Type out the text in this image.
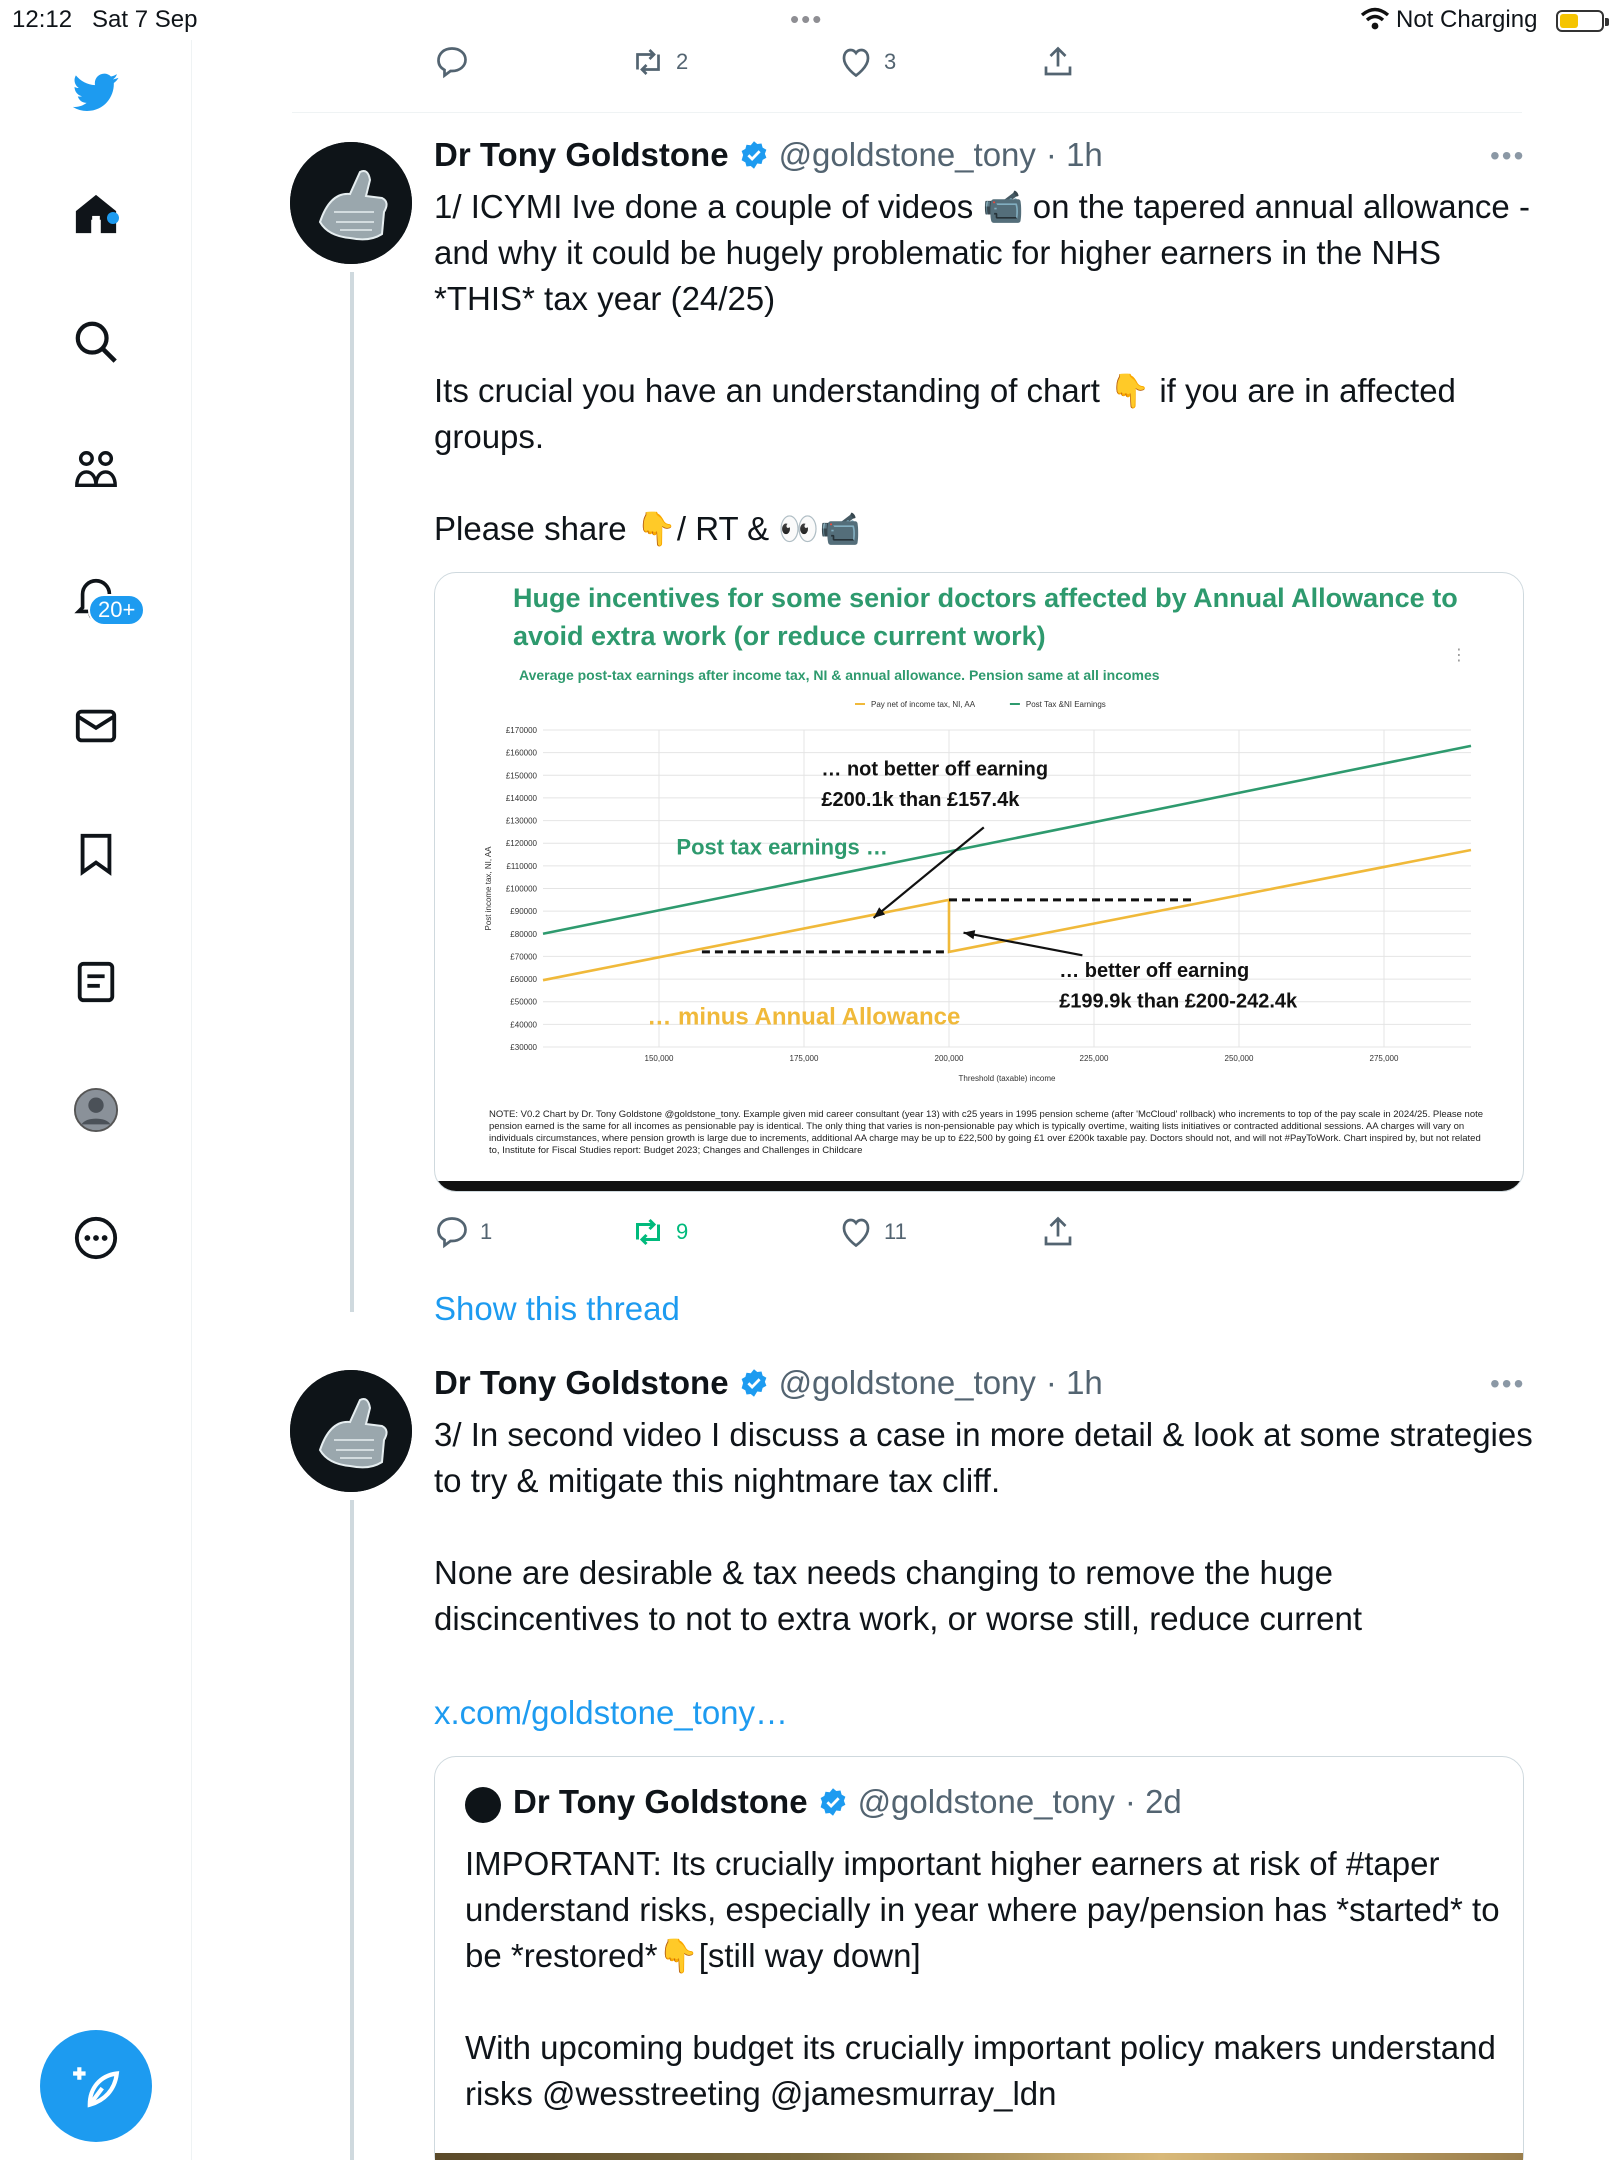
12:12 Sat 7 Sep	•••	Not Charging
20+
2	3
Dr Tony Goldstone @goldstone_tony · 1h	•••
1/ ICYMI Ive done a couple of videos 📹 on the tapered annual allowance - and why it could be hugely problematic for higher earners in the NHS *THIS* tax year (24/25)

Its crucial you have an understanding of chart 👇 if you are in affected groups.

Please share 👇/ RT & 👀📹
Huge incentives for some senior doctors affected by Annual Allowance to avoid extra work (or reduce current work)
Average post-tax earnings after income tax, NI & annual allowance. Pension same at all incomes
⋮
£30000
£40000
£50000
£60000
£70000
£80000
£90000
£100000
£110000
£120000
£130000
£140000
£150000
£160000
£170000
150,000	175,000	200,000	225,000	250,000	275,000
Threshold (taxable) income
Post income tax, NI, AA
Pay net of income tax, NI, AA	Post Tax &NI Earnings
… not better off earning
£200.1k than £157.4k
Post tax earnings …
… better off earning
£199.9k than £200-242.4k
… minus Annual Allowance
NOTE: V0.2 Chart by Dr. Tony Goldstone @goldstone_tony. Example given mid career consultant (year 13) with c25 years in 1995 pension scheme (after 'McCloud' rollback) who increments to top of the pay scale in 2024/25. Please note pension earned is the same for all incomes as pensionable pay is identical. The only thing that varies is non-pensionable pay which is typically overtime, waiting lists initiatives or contracted additional sessions. AA charges will vary on individuals circumstances, where pension growth is large due to increments, additional AA charge may be up to £22,500 by going £1 over £200k taxable pay. Doctors should not, and will not #PayToWork. Chart inspired by, but not related to, Institute for Fiscal Studies report: Budget 2023; Changes and Challenges in Childcare
1	9	11
Show this thread
Dr Tony Goldstone @goldstone_tony · 1h	•••
3/ In second video I discuss a case in more detail & look at some strategies to try & mitigate this nightmare tax cliff.

None are desirable & tax needs changing to remove the huge discincentives to not to extra work, or worse still, reduce current
x.com/goldstone_tony…
Dr Tony Goldstone @goldstone_tony · 2d
IMPORTANT: Its crucially important higher earners at risk of #taper understand risks, especially in year where pay/pension has *started* to be *restored*👇[still way down]

With upcoming budget its crucially important policy makers understand risks @wesstreeting @jamesmurray_ldn
